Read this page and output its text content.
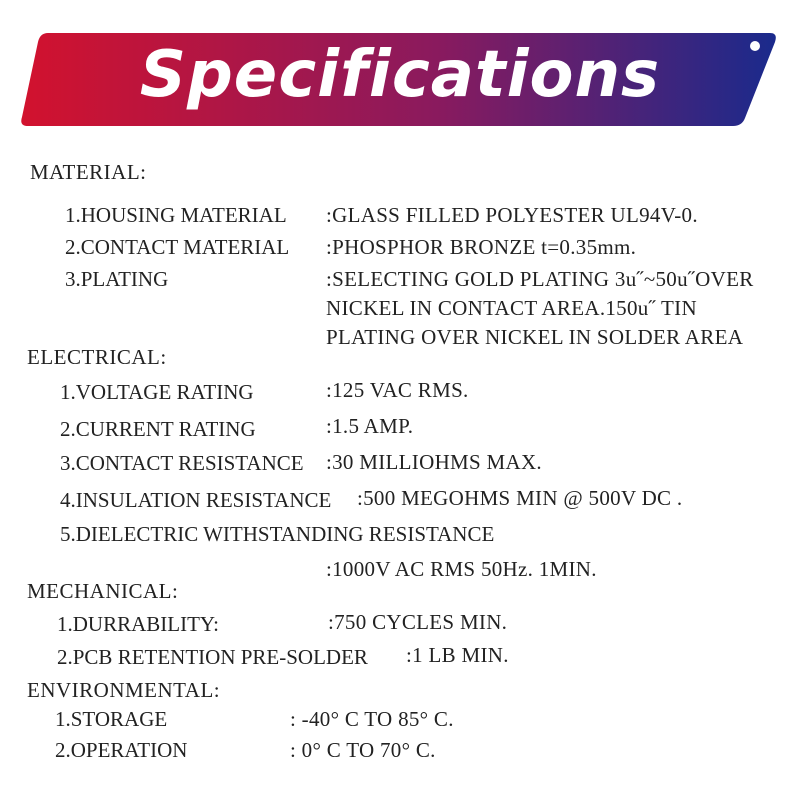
Specifications
MATERIAL:
1.HOUSING MATERIAL :GLASS FILLED POLYESTER UL94V-0.
2.CONTACT MATERIAL :PHOSPHOR BRONZE t=0.35mm.
3.PLATING	:SELECTING GOLD PLATING 3u˝~50u˝OVER
NICKEL IN CONTACT AREA.150u˝ TIN
PLATING OVER NICKEL IN SOLDER AREA
ELECTRICAL:
1.VOLTAGE RATING	:125 VAC RMS.
2.CURRENT RATING	:1.5 AMP.
3.CONTACT RESISTANCE :30 MILLIOHMS MAX.
4.INSULATION RESISTANCE :500 MEGOHMS MIN @ 500V DC .
5.DIELECTRIC WITHSTANDING RESISTANCE
:1000V AC RMS 50Hz. 1MIN.
MECHANICAL:
1.DURRABILITY:	:750 CYCLES MIN.
2.PCB RETENTION PRE-SOLDER :1 LB MIN.
ENVIRONMENTAL:
1.STORAGE	: -40° C TO 85° C.
2.OPERATION	: 0° C TO 70° C.
